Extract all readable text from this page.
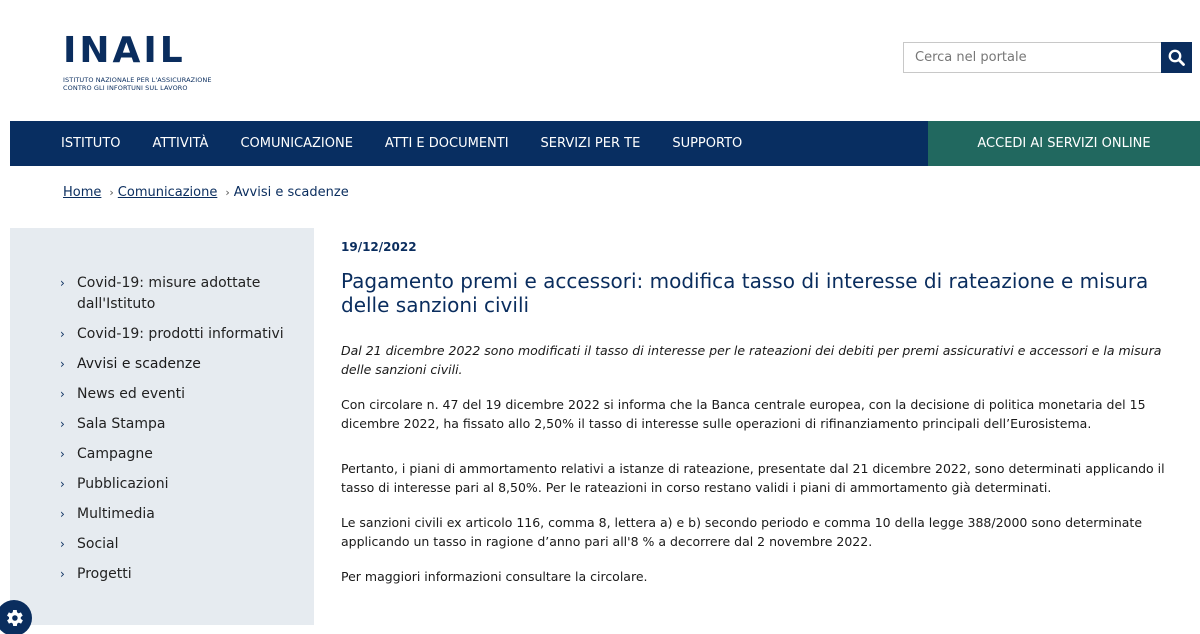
INAIL
ISTITUTO NAZIONALE PER L'ASSICURAZIONE
CONTRO GLI INFORTUNI SUL LAVORO
Cerca nel portale
ISTITUTO ATTIVITÀ COMUNICAZIONE ATTI E DOCUMENTI SERVIZI PER TE SUPPORTO	ACCEDI AI SERVIZI ONLINE
Home › Comunicazione › Avvisi e scadenze
› Covid-19: misure adottate dall'Istituto
› Covid-19: prodotti informativi
› Avvisi e scadenze
› News ed eventi
› Sala Stampa
› Campagne
› Pubblicazioni
› Multimedia
› Social
› Progetti
19/12/2022
Pagamento premi e accessori: modifica tasso di interesse di rateazione e misura delle sanzioni civili

Dal 21 dicembre 2022 sono modificati il tasso di interesse per le rateazioni dei debiti per premi assicurativi e accessori e la misura delle sanzioni civili.

Con circolare n. 47 del 19 dicembre 2022 si informa che la Banca centrale europea, con la decisione di politica monetaria del 15 dicembre 2022, ha fissato allo 2,50% il tasso di interesse sulle operazioni di rifinanziamento principali dell’Eurosistema.

Pertanto, i piani di ammortamento relativi a istanze di rateazione, presentate dal 21 dicembre 2022, sono determinati applicando il tasso di interesse pari al 8,50%. Per le rateazioni in corso restano validi i piani di ammortamento già determinati.

Le sanzioni civili ex articolo 116, comma 8, lettera a) e b) secondo periodo e comma 10 della legge 388/2000 sono determinate applicando un tasso in ragione d’anno pari all'8 % a decorrere dal 2 novembre 2022.

Per maggiori informazioni consultare la circolare.
